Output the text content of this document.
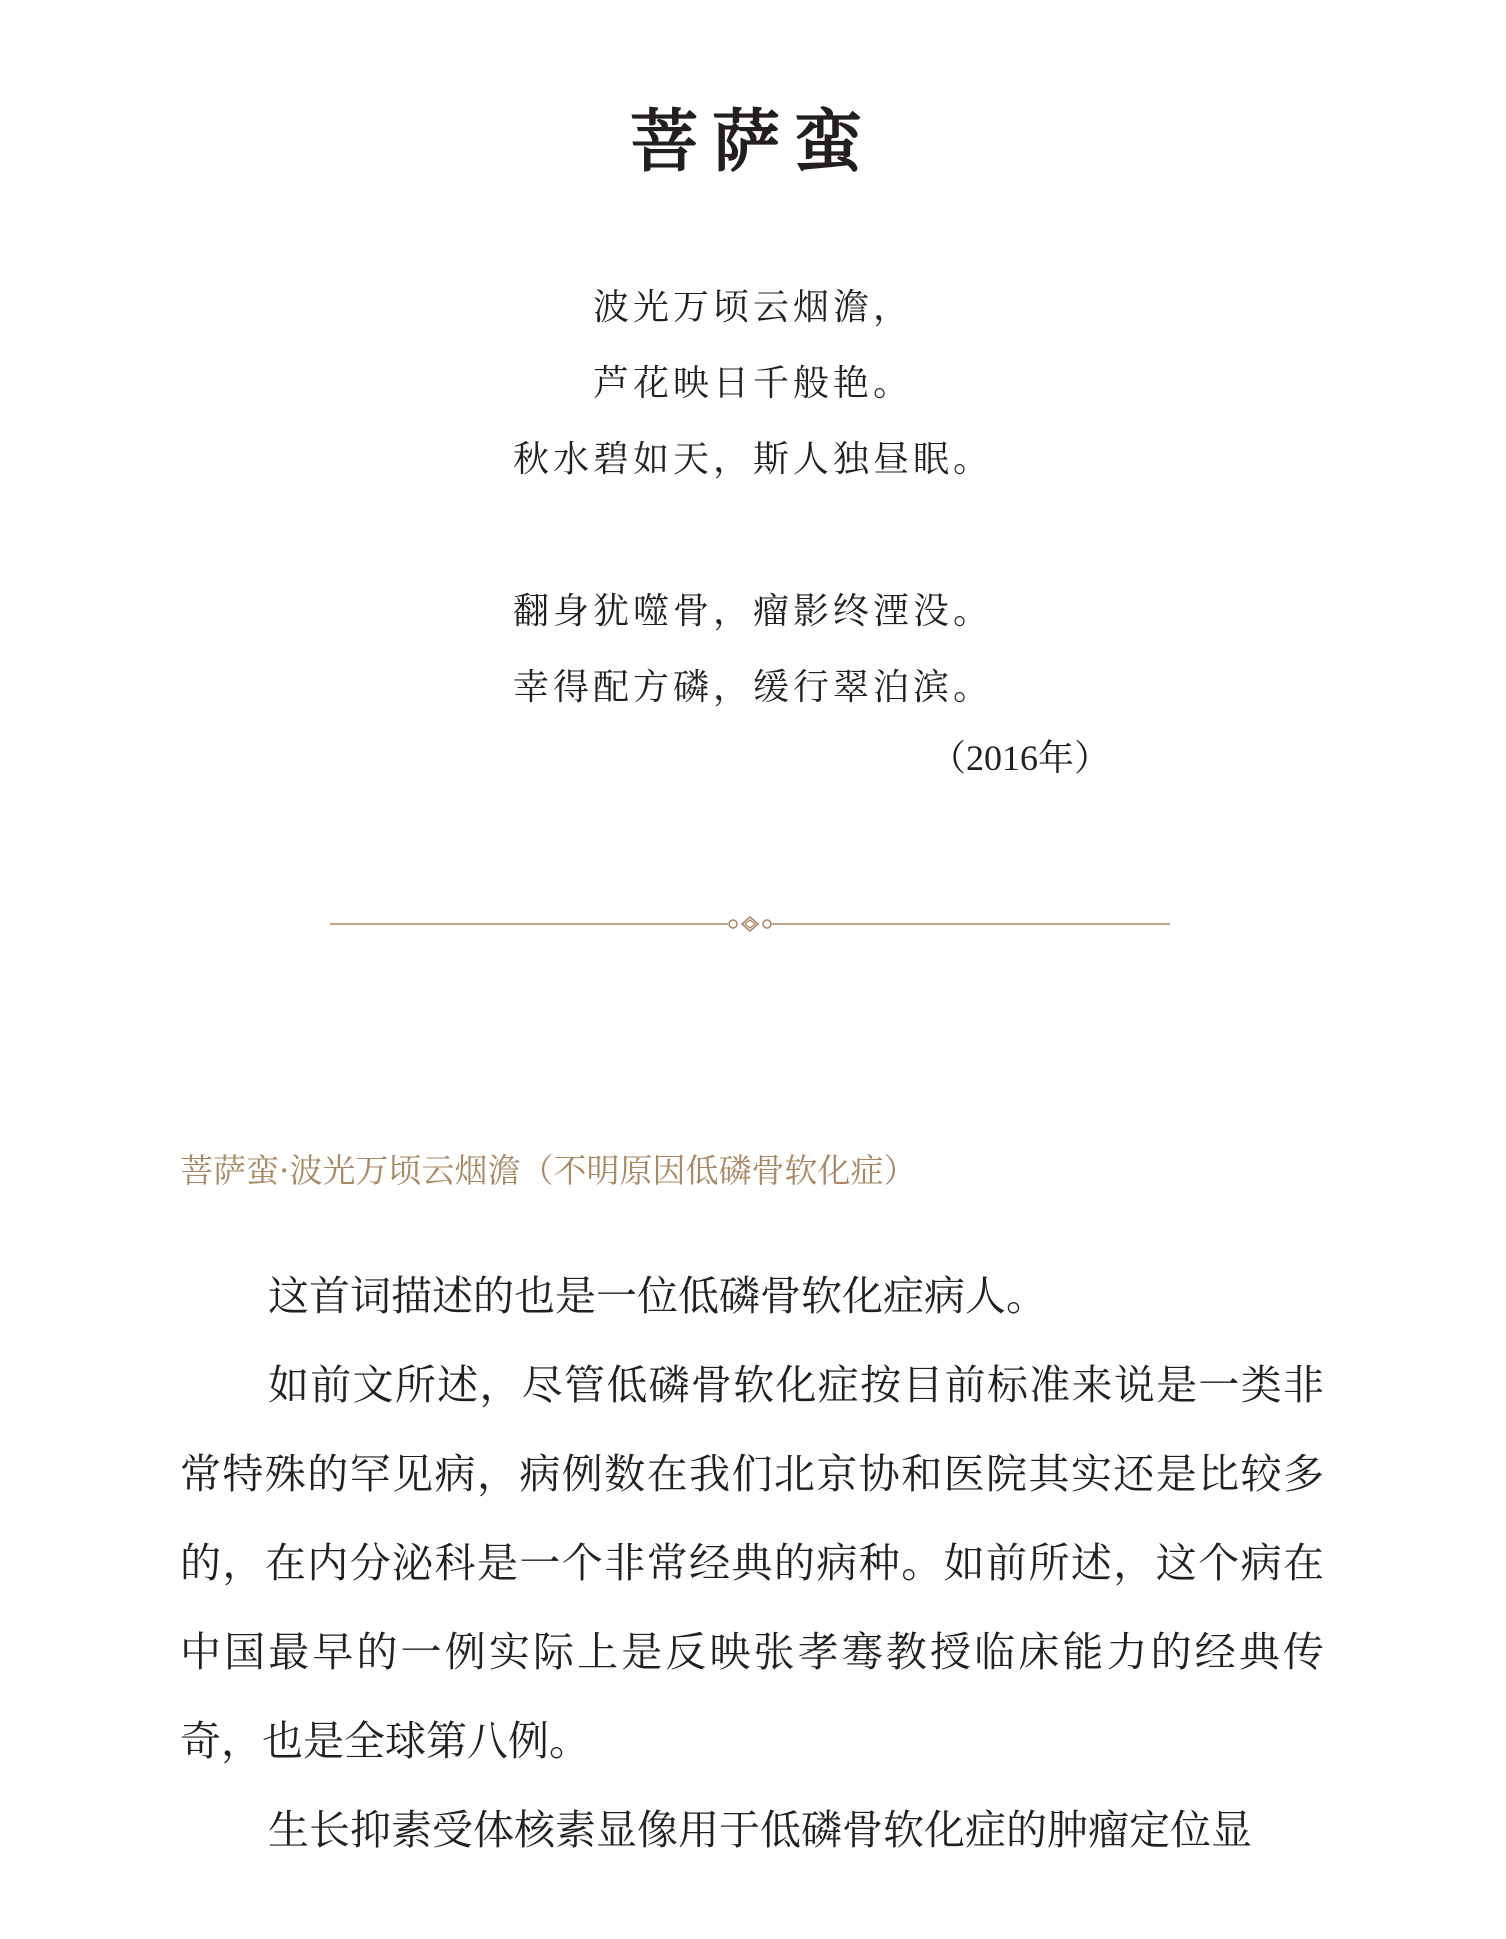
菩萨蛮
波光万顷云烟澹，
芦花映日千般艳。
秋水碧如天，斯人独昼眠。
翻身犹噬骨，瘤影终湮没。
幸得配方磷，缓行翠泊滨。
（2016年）
菩萨蛮·波光万顷云烟澹（不明原因低磷骨软化症）

这首词描述的也是一位低磷骨软化症病人。

如前文所述，尽管低磷骨软化症按目前标准来说是一类非常特殊的罕见病，病例数在我们北京协和医院其实还是比较多的，在内分泌科是一个非常经典的病种。如前所述，这个病在中国最早的一例实际上是反映张孝骞教授临床能力的经典传奇，也是全球第八例。

生长抑素受体核素显像用于低磷骨软化症的肿瘤定位显
